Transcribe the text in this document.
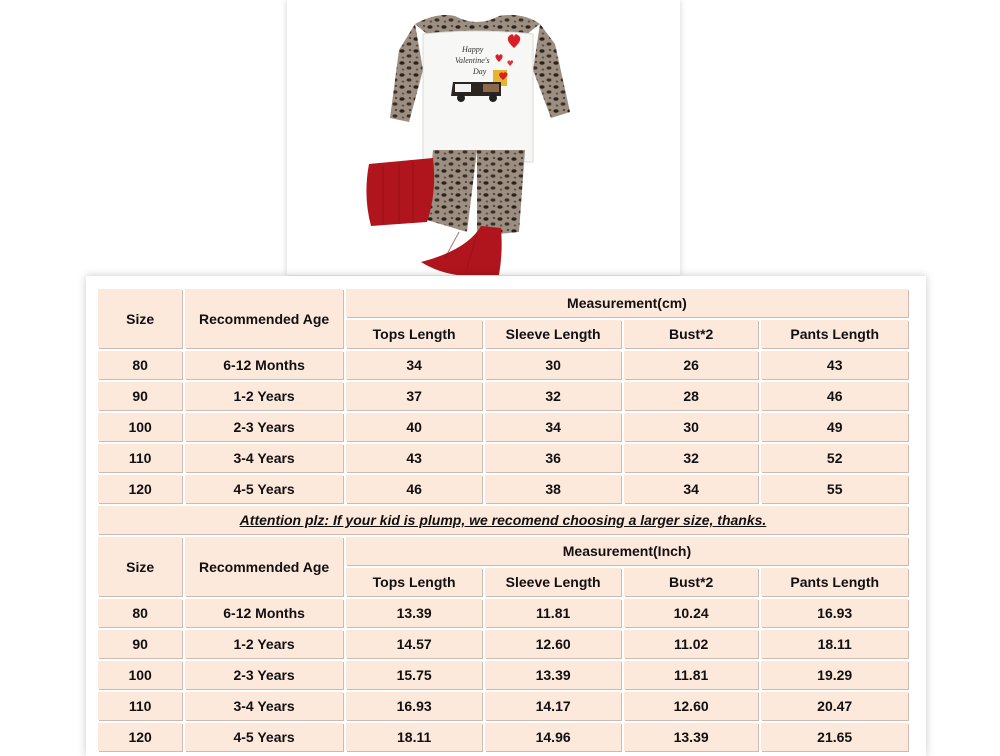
Happy
Valentine's
Day
Size	Recommended Age	Measurement(cm)			
		Tops Length	Sleeve Length	Bust*2	Pants Length
80	6-12 Months	34	30	26	43
90	1-2 Years	37	32	28	46
100	2-3 Years	40	34	30	49
110	3-4 Years	43	36	32	52
120	4-5 Years	46	38	34	55
Attention plz: If your kid is plump, we recomend choosing a larger size, thanks.					
Size	Recommended Age	Measurement(Inch)			
		Tops Length	Sleeve Length	Bust*2	Pants Length
80	6-12 Months	13.39	11.81	10.24	16.93
90	1-2 Years	14.57	12.60	11.02	18.11
100	2-3 Years	15.75	13.39	11.81	19.29
110	3-4 Years	16.93	14.17	12.60	20.47
120	4-5 Years	18.11	14.96	13.39	21.65
